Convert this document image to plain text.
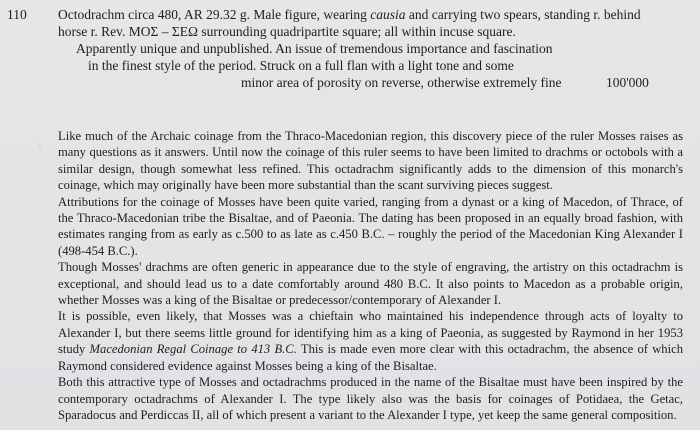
110 Octodrachm circa 480, AR 29.32 g. Male figure, wearing causia and carrying two spears, standing r. behind
horse r. Rev. ΜΟΣ – ΣΕΩ surrounding quadripartite square; all within incuse square.
Apparently unique and unpublished. An issue of tremendous importance and fascination
in the finest style of the period. Struck on a full flan with a light tone and some
minor area of porosity on reverse, otherwise extremely fine	100'000
b

Like much of the Archaic coinage from the Thraco-Macedonian region, this discovery piece of the ruler Mosses raises as many questions as it answers. Until now the coinage of this ruler seems to have been limited to drachms or octobols with a similar design, though somewhat less refined. This octadrachm significantly adds to the dimension of this monarch's coinage, which may originally have been more substantial than the scant surviving pieces suggest.

Attributions for the coinage of Mosses have been quite varied, ranging from a dynast or a king of Macedon, of Thrace, of the Thraco-Macedonian tribe the Bisaltae, and of Paeonia. The dating has been proposed in an equally broad fashion, with estimates ranging from as early as c.500 to as late as c.450 B.C. – roughly the period of the Macedonian King Alexander I (498-454 B.C.).

Though Mosses' drachms are often generic in appearance due to the style of engraving, the artistry on this octadrachm is exceptional, and should lead us to a date comfortably around 480 B.C. It also points to Macedon as a probable origin, whether Mosses was a king of the Bisaltae or predecessor/contemporary of Alexander I.

It is possible, even likely, that Mosses was a chieftain who maintained his independence through acts of loyalty to Alexander I, but there seems little ground for identifying him as a king of Paeonia, as suggested by Raymond in her 1953 study Macedonian Regal Coinage to 413 B.C. This is made even more clear with this octadrachm, the absence of which Raymond considered evidence against Mosses being a king of the Bisaltae.

Both this attractive type of Mosses and octadrachms produced in the name of the Bisaltae must have been inspired by the contemporary octadrachms of Alexander I. The type likely also was the basis for coinages of Potidaea, the Getac, Sparadocus and Perdiccas II, all of which present a variant to the Alexander I type, yet keep the same general composition.
